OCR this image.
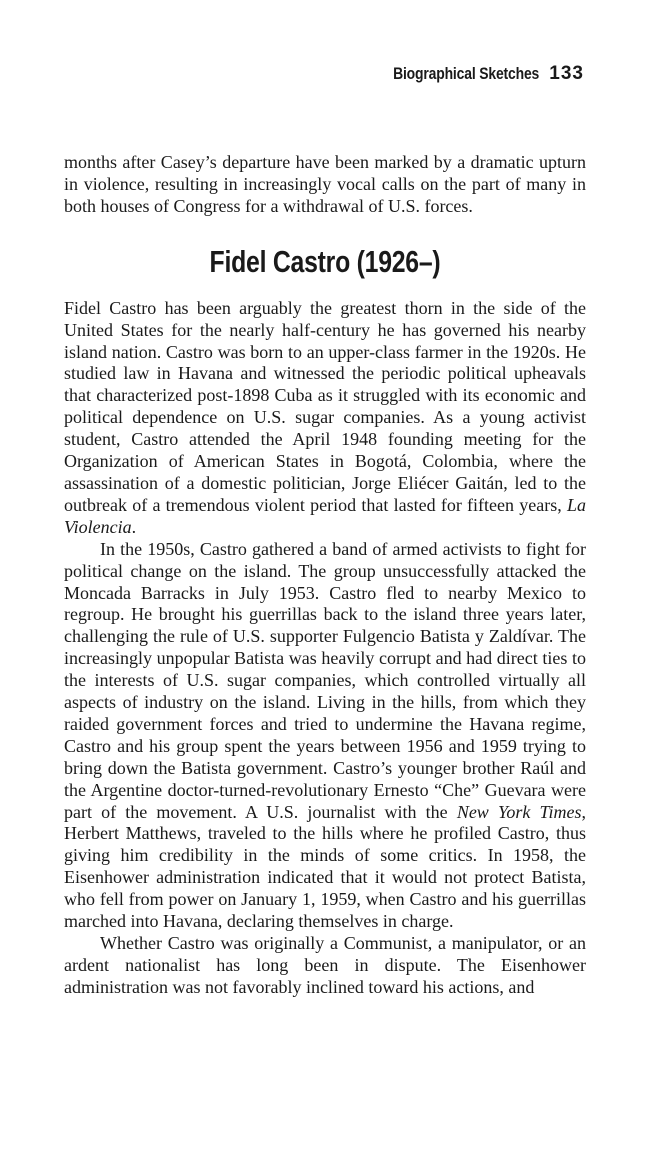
Biographical Sketches 133

months after Casey’s departure have been marked by a dramatic upturn in violence, resulting in increasingly vocal calls on the part of many in both houses of Congress for a withdrawal of U.S. forces.

Fidel Castro (1926–)

Fidel Castro has been arguably the greatest thorn in the side of the United States for the nearly half-century he has governed his nearby island nation. Castro was born to an upper-class farmer in the 1920s. He studied law in Havana and witnessed the periodic political upheavals that characterized post-1898 Cuba as it struggled with its economic and political dependence on U.S. sugar companies. As a young activist student, Castro attended the April 1948 founding meeting for the Organization of American States in Bogotá, Colombia, where the assassination of a domestic politician, Jorge Eliécer Gaitán, led to the outbreak of a tremendous violent period that lasted for fifteen years, La Violencia.

In the 1950s, Castro gathered a band of armed activists to fight for political change on the island. The group unsuccessfully attacked the Moncada Barracks in July 1953. Castro fled to nearby Mexico to regroup. He brought his guerrillas back to the island three years later, challenging the rule of U.S. supporter Fulgencio Batista y Zaldívar. The increasingly unpopular Batista was heavily corrupt and had direct ties to the interests of U.S. sugar companies, which controlled virtually all aspects of industry on the island. Living in the hills, from which they raided government forces and tried to undermine the Havana regime, Castro and his group spent the years between 1956 and 1959 trying to bring down the Batista government. Castro’s younger brother Raúl and the Argentine doctor-turned-revolutionary Ernesto “Che” Guevara were part of the movement. A U.S. journalist with the New York Times, Herbert Matthews, traveled to the hills where he profiled Castro, thus giving him credibility in the minds of some critics. In 1958, the Eisenhower administration indicated that it would not protect Batista, who fell from power on January 1, 1959, when Castro and his guerrillas marched into Havana, declaring themselves in charge.

Whether Castro was originally a Communist, a manipulator, or an ardent nationalist has long been in dispute. The Eisenhower administration was not favorably inclined toward his actions, and
